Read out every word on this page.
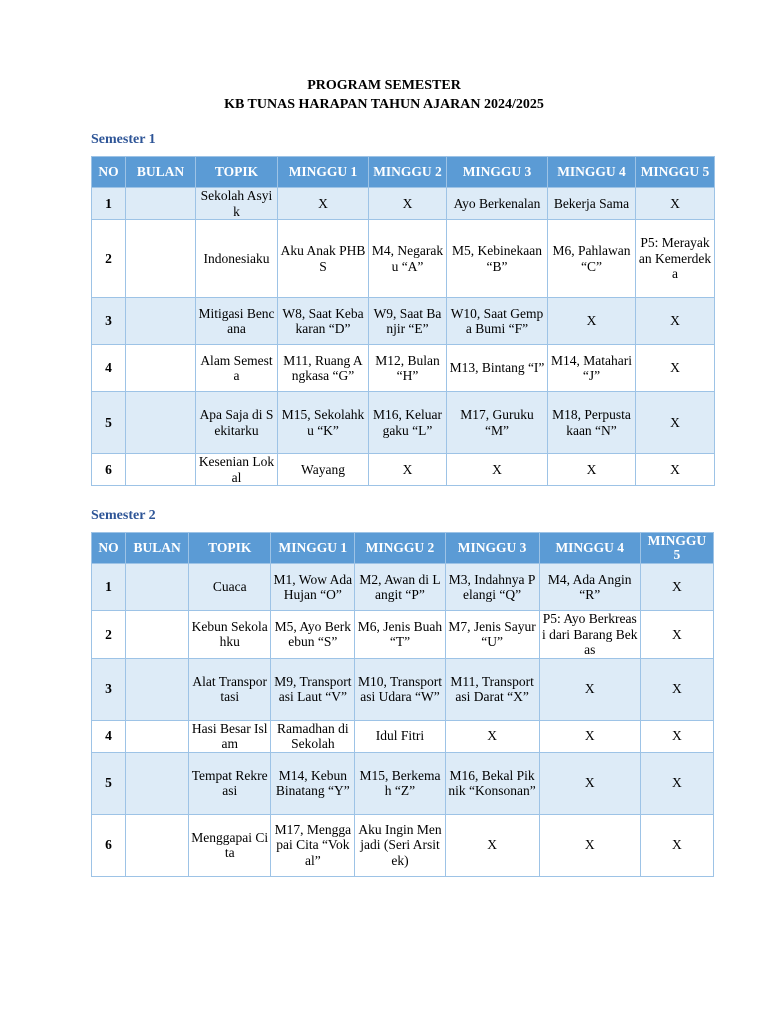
PROGRAM SEMESTER
KB TUNAS HARAPAN TAHUN AJARAN 2024/2025
Semester 1
NO	BULAN	TOPIK	MINGGU 1	MINGGU 2	MINGGU 3	MINGGU 4	MINGGU 5
1		Sekolah Asyik	X	X	Ayo Berkenalan	Bekerja Sama	X
2		Indonesiaku	Aku Anak PHBS	M4, Negaraku “A”	M5, Kebinekaan “B”	M6, Pahlawan “C”	P5: Merayakan Kemerdeka
3		Mitigasi Bencana	W8, Saat Kebakaran “D”	W9, Saat Banjir “E”	W10, Saat Gempa Bumi “F”	X	X
4		Alam Semesta	M11, Ruang Angkasa “G”	M12, Bulan “H”	M13, Bintang “I”	M14, Matahari “J”	X
5		Apa Saja di Sekitarku	M15, Sekolahku “K”	M16, Keluargaku “L”	M17, Guruku “M”	M18, Perpustakaan “N”	X
6		Kesenian Lokal	Wayang	X	X	X	X
Semester 2
NO	BULAN	TOPIK	MINGGU 1	MINGGU 2	MINGGU 3	MINGGU 4	MINGGU 5
1		Cuaca	M1, Wow Ada Hujan “O”	M2, Awan di Langit “P”	M3, Indahnya Pelangi “Q”	M4, Ada Angin “R”	X
2		Kebun Sekolahku	M5, Ayo Berkebun “S”	M6, Jenis Buah “T”	M7, Jenis Sayur “U”	P5: Ayo Berkreasi dari Barang Bekas	X
3		Alat Transportasi	M9, Transportasi Laut “V”	M10, Transportasi Udara “W”	M11, Transportasi Darat “X”	X	X
4		Hasi Besar Islam	Ramadhan di Sekolah	Idul Fitri	X	X	X
5		Tempat Rekreasi	M14, Kebun Binatang “Y”	M15, Berkemah “Z”	M16, Bekal Piknik “Konsonan”	X	X
6		Menggapai Cita	M17, Menggapai Cita “Vokal”	Aku Ingin Menjadi (Seri Arsitek)	X	X	X
